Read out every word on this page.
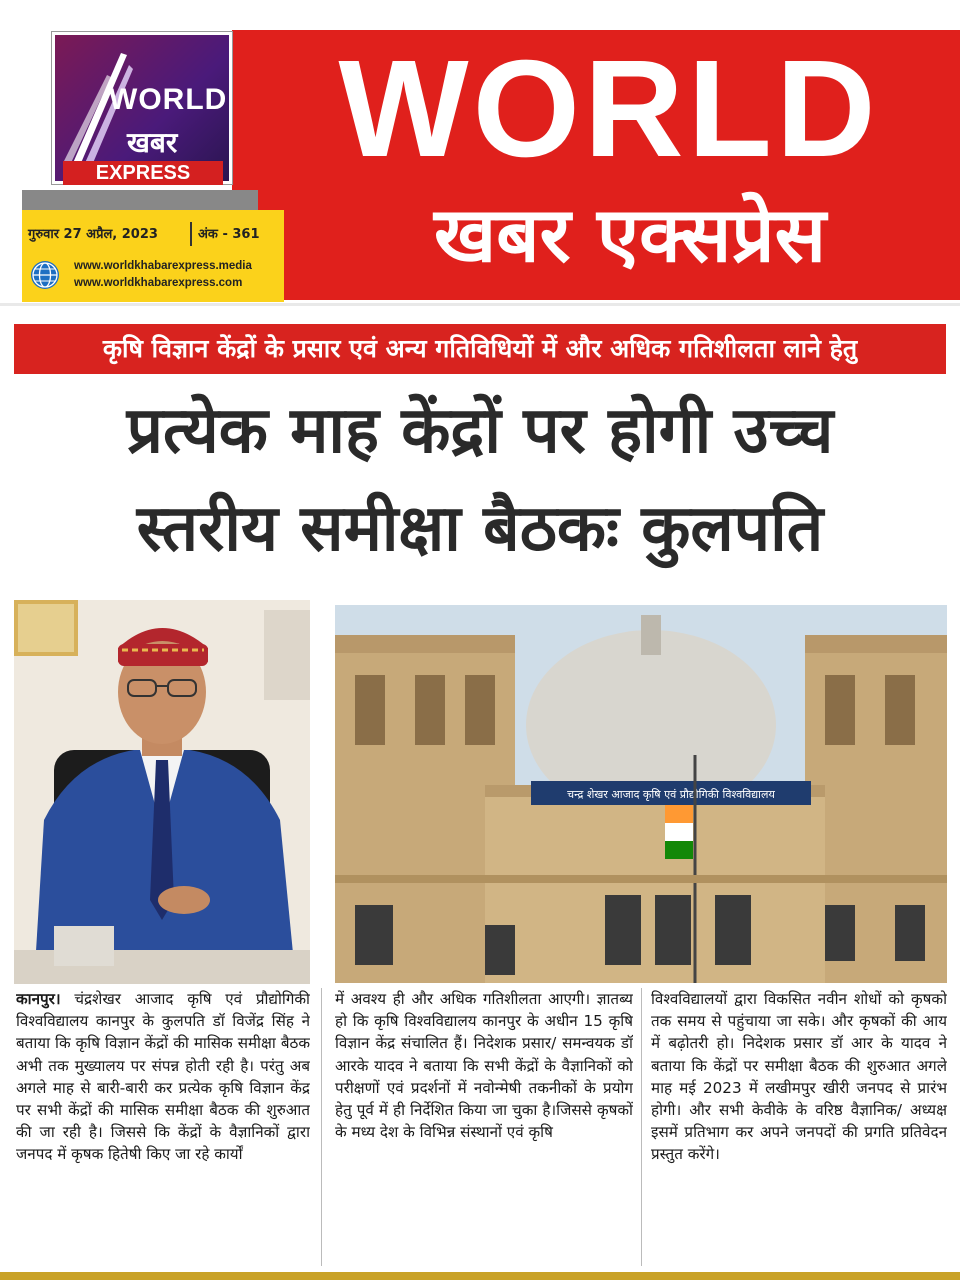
WORLD
खबर
EXPRESS	WORLD
खबर एक्सप्रेस
गुरुवार 27 अप्रैल, 2023	अंक - 361
www.worldkhabarexpress.media
www.worldkhabarexpress.com
कृषि विज्ञान केंद्रों के प्रसार एवं अन्य गतिविधियों में और अधिक गतिशीलता लाने हेतु
प्रत्येक माह केंद्रों पर होगी उच्च
स्तरीय समीक्षा बैठकः कुलपति
चन्द्र शेखर आजाद कृषि एवं प्रौद्योगिकी विश्वविद्यालय
कानपुर। चंद्रशेखर आजाद कृषि एवं प्रौद्योगिकी विश्वविद्यालय कानपुर के कुलपति डॉ विजेंद्र सिंह ने बताया कि कृषि विज्ञान केंद्रों की मासिक समीक्षा बैठक अभी तक मुख्यालय पर संपन्न होती रही है। परंतु अब अगले माह से बारी-बारी कर प्रत्येक कृषि विज्ञान केंद्र पर सभी केंद्रों की मासिक समीक्षा बैठक की शुरुआत की जा रही है। जिससे कि केंद्रों के वैज्ञानिकों द्वारा जनपद में कृषक हितेषी किए जा रहे कार्यों
में अवश्य ही और अधिक गतिशीलता आएगी। ज्ञातब्य हो कि कृषि विश्वविद्यालय कानपुर के अधीन 15 कृषि विज्ञान केंद्र संचालित हैं। निदेशक प्रसार/ समन्वयक डॉ आरके यादव ने बताया कि सभी केंद्रों के वैज्ञानिकों को परीक्षणों एवं प्रदर्शनों में नवोन्मेषी तकनीकों के प्रयोग हेतु पूर्व में ही निर्देशित किया जा चुका है।जिससे कृषकों के मध्य देश के विभिन्न संस्थानों एवं कृषि
विश्वविद्यालयों द्वारा विकसित नवीन शोधों को कृषको तक समय से पहुंचाया जा सके। और कृषकों की आय में बढ़ोतरी हो। निदेशक प्रसार डॉ आर के यादव ने बताया कि केंद्रों पर समीक्षा बैठक की शुरुआत अगले माह मई 2023 में लखीमपुर खीरी जनपद से प्रारंभ होगी। और सभी केवीके के वरिष्ठ वैज्ञानिक/ अध्यक्ष इसमें प्रतिभाग कर अपने जनपदों की प्रगति प्रतिवेदन प्रस्तुत करेंगे।
